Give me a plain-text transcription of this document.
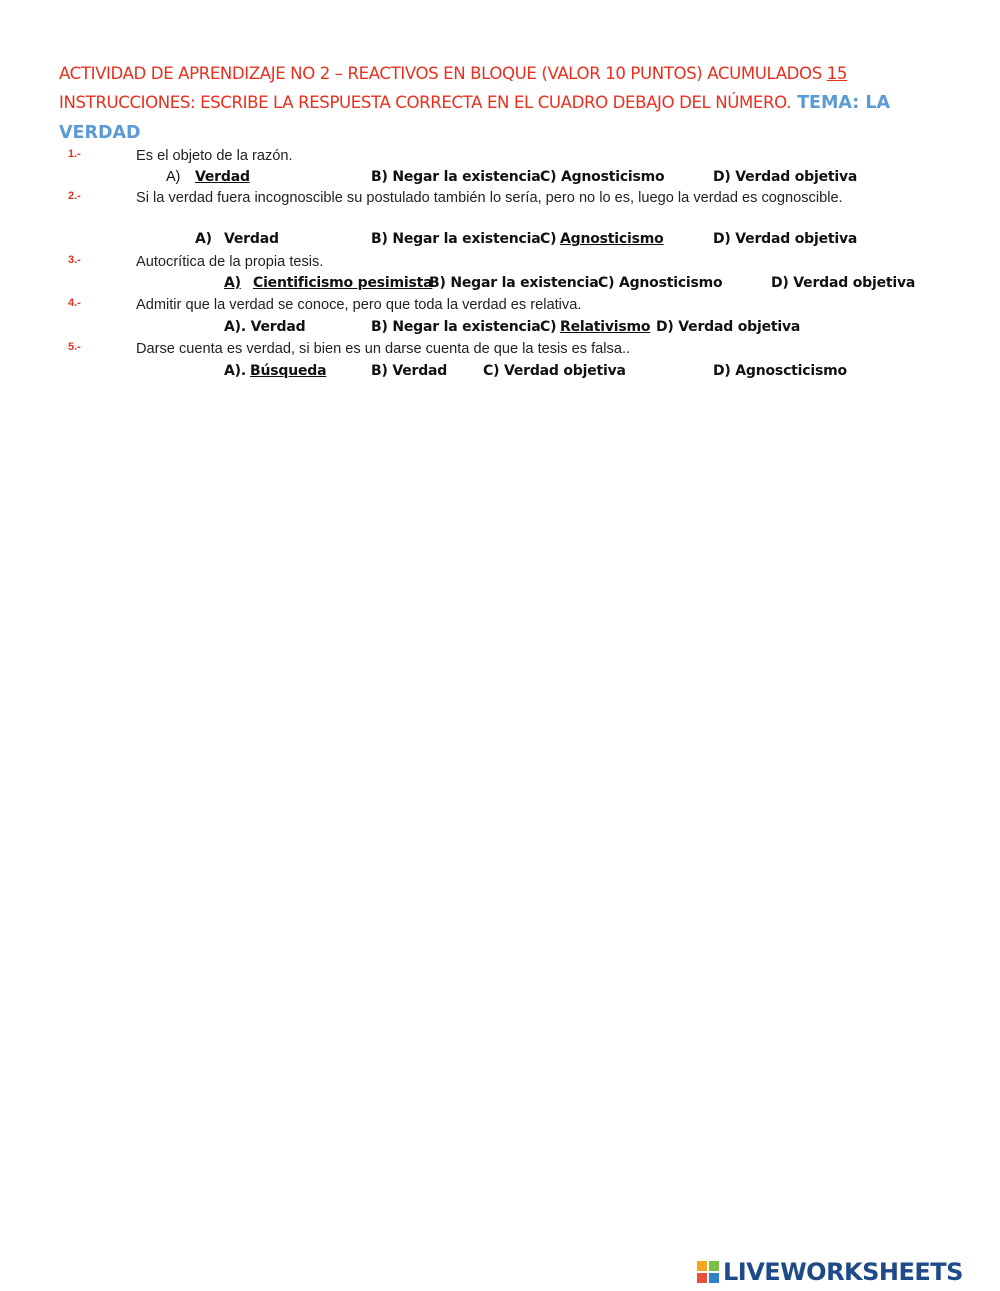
ACTIVIDAD DE APRENDIZAJE NO 2 – REACTIVOS EN BLOQUE (VALOR 10 PUNTOS) ACUMULADOS 15
INSTRUCCIONES: ESCRIBE LA RESPUESTA CORRECTA EN EL CUADRO DEBAJO DEL NÚMERO. TEMA: LA VERDAD
1.-	Es el objeto de la razón.
A) Verdad	B) Negar la existencia C) Agnosticismo	D) Verdad objetiva
2.-	Si la verdad fuera incognoscible su postulado también lo sería, pero no lo es, luego la verdad es cognoscible.
A) Verdad	B) Negar la existencia C) Agnosticismo	D) Verdad objetiva
3.-	Autocrítica de la propia tesis.
A) Cientificismo pesimista
B) Negar la existencia C) Agnosticismo	D) Verdad objetiva
4.-	Admitir que la verdad se conoce, pero que toda la verdad es relativa.
A). Verdad	B) Negar la existencia C) Relativismo D) Verdad objetiva
5.-	Darse cuenta es verdad, si bien es un darse cuenta de que la tesis es falsa..
A). Búsqueda	B) Verdad	C) Verdad objetiva	D) Agnoscticismo
LIVEWORKSHEETS
